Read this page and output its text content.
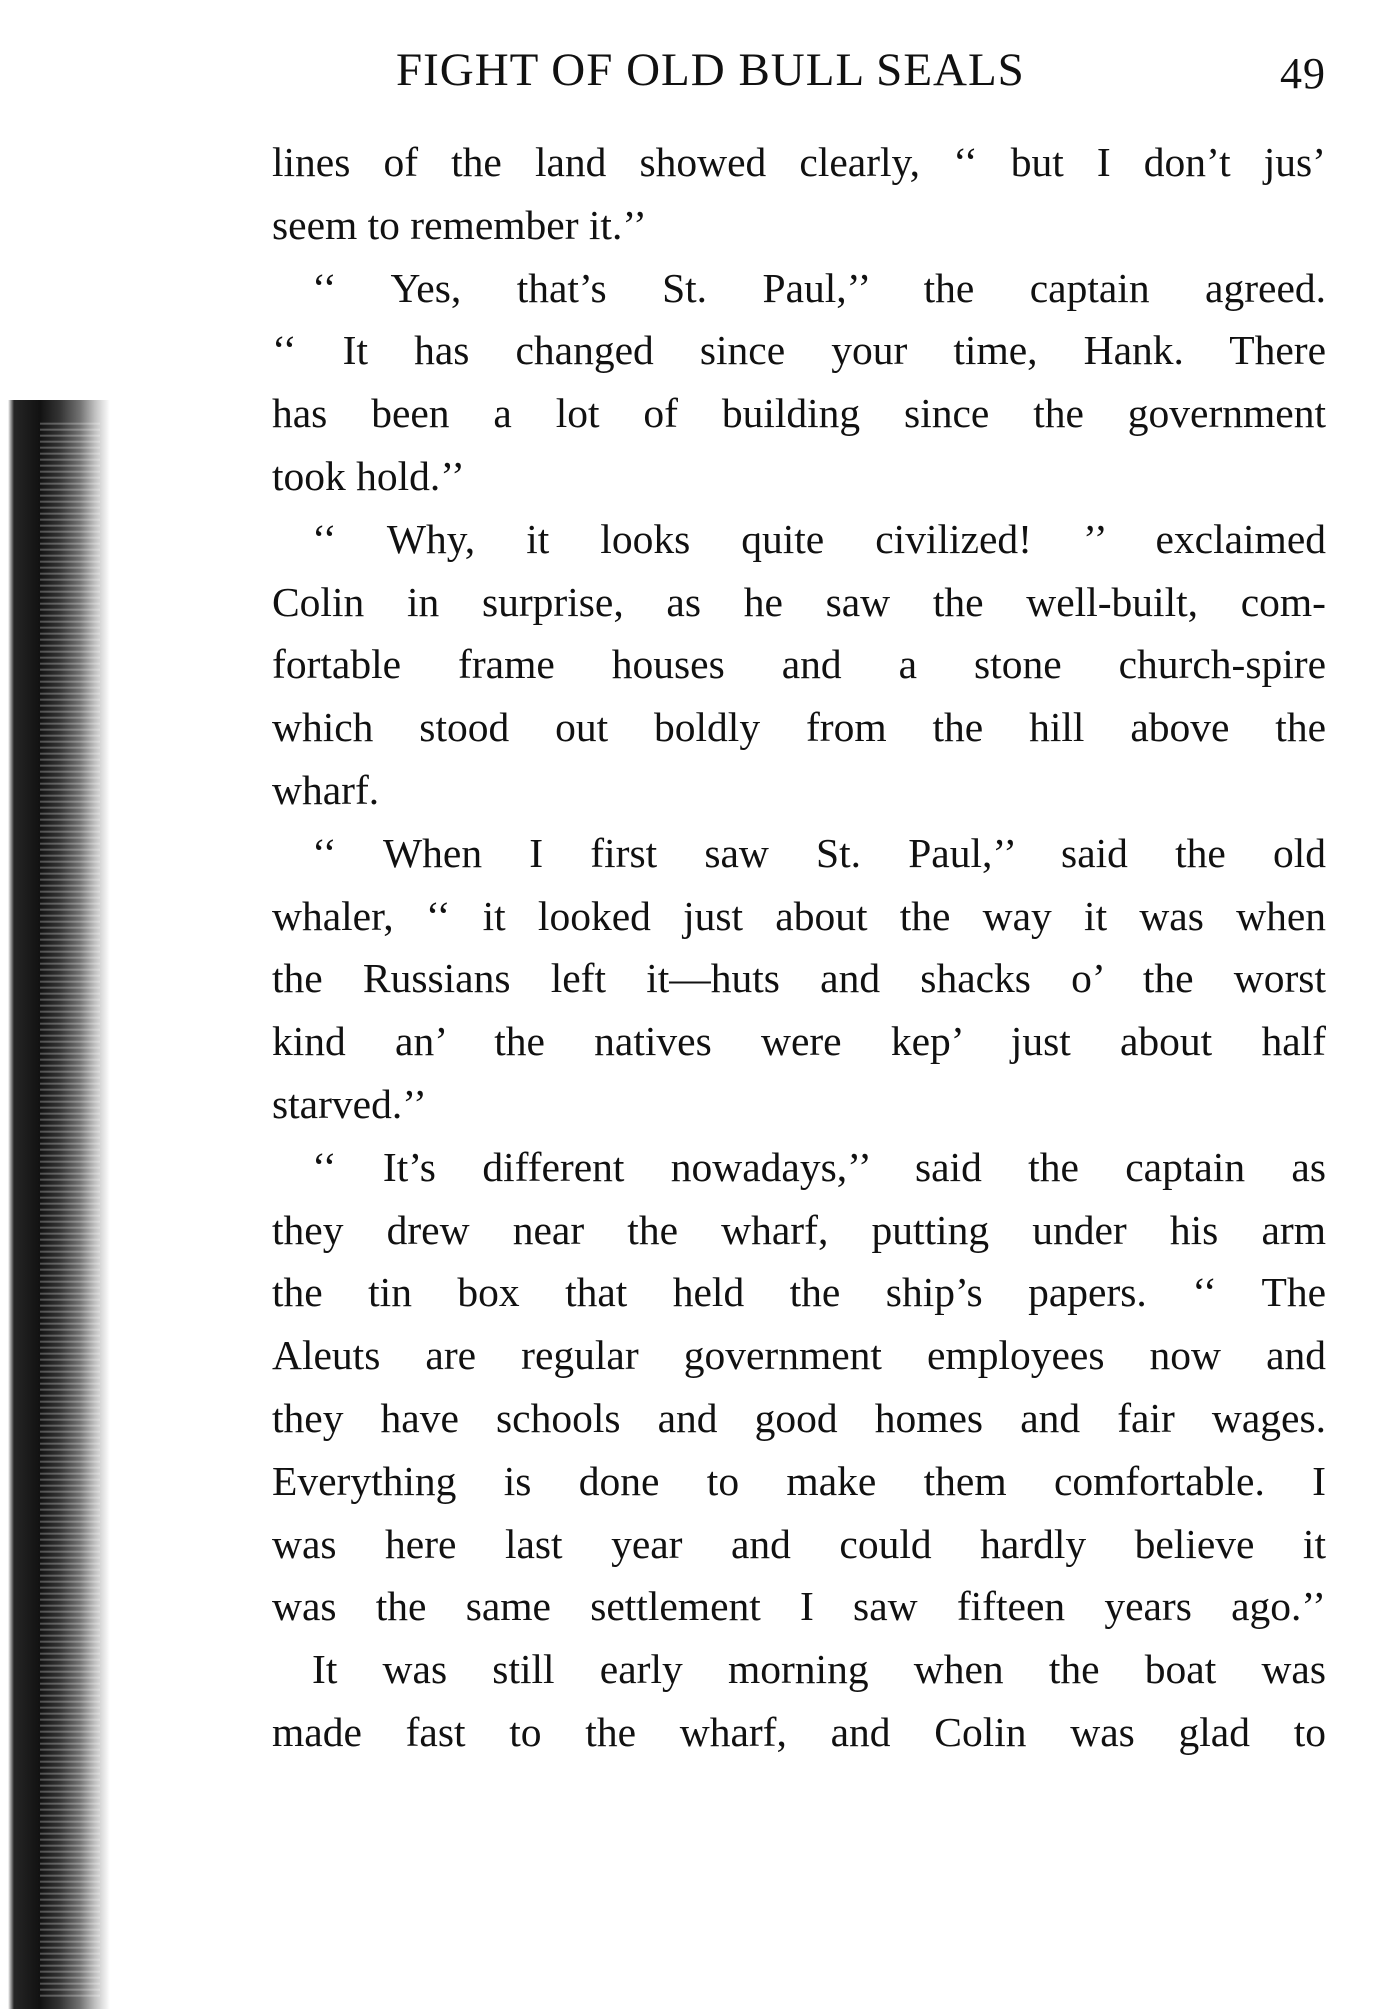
FIGHT OF OLD BULL SEALS	49
lines of the land showed clearly, ‘‘ but I don’t jus’
seem to remember it.’’
‘‘ Yes, that’s St. Paul,’’ the captain agreed.
‘‘ It has changed since your time, Hank. There
has been a lot of building since the government
took hold.’’
‘‘ Why, it looks quite civilized! ’’ exclaimed
Colin in surprise, as he saw the well-built, com-
fortable frame houses and a stone church-spire
which stood out boldly from the hill above the
wharf.
‘‘ When I first saw St. Paul,’’ said the old
whaler, ‘‘ it looked just about the way it was when
the Russians left it—huts and shacks o’ the worst
kind an’ the natives were kep’ just about half
starved.’’
‘‘ It’s different nowadays,’’ said the captain as
they drew near the wharf, putting under his arm
the tin box that held the ship’s papers. ‘‘ The
Aleuts are regular government employees now and
they have schools and good homes and fair wages.
Everything is done to make them comfortable. I
was here last year and could hardly believe it
was the same settlement I saw fifteen years ago.’’
It was still early morning when the boat was
made fast to the wharf, and Colin was glad to
